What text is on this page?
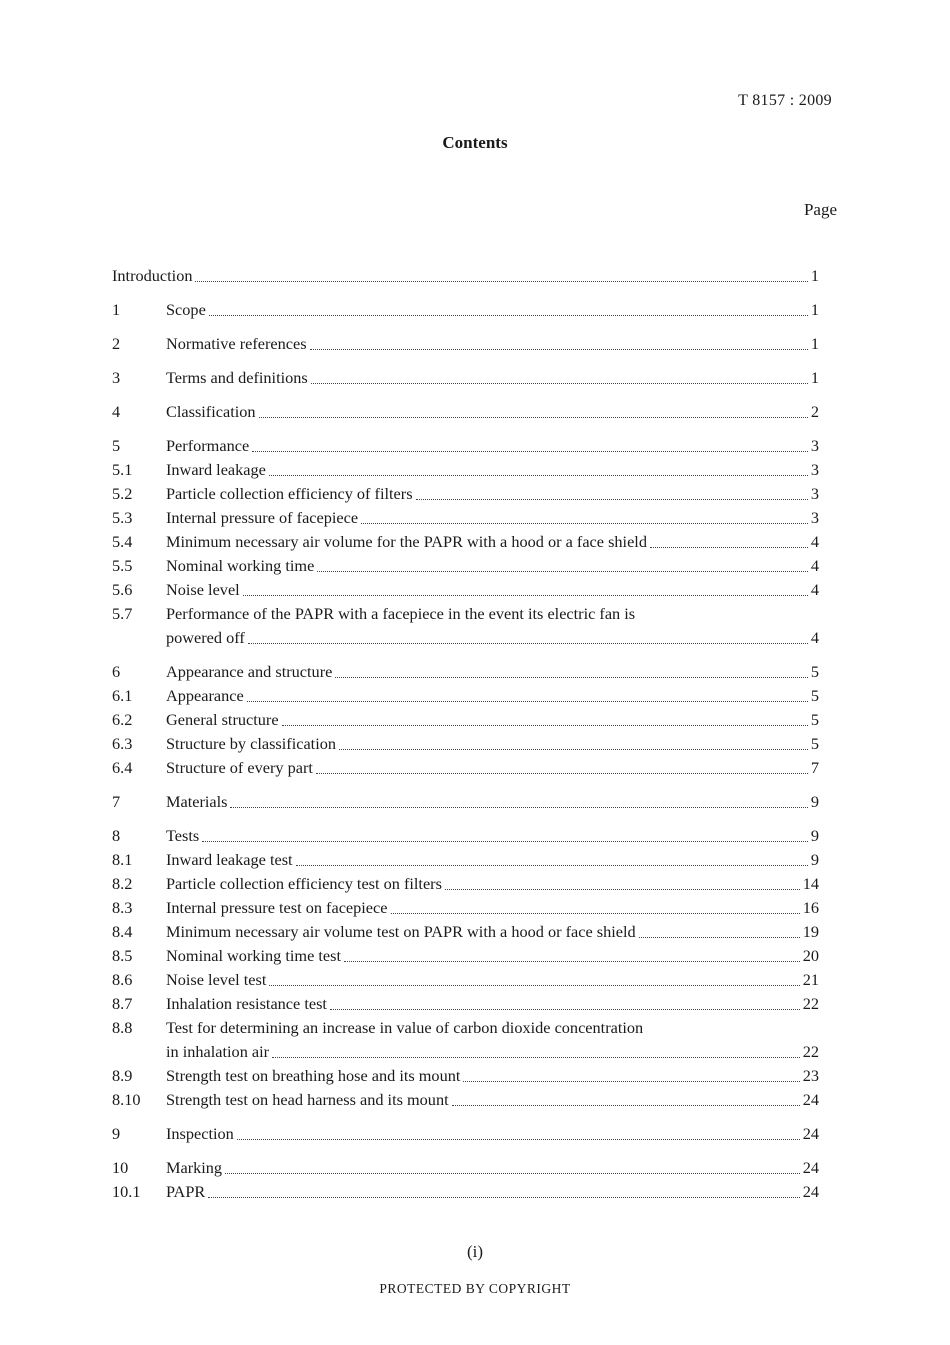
T 8157 : 2009
Contents
Page
Introduction	1
1	Scope	1
2	Normative references	1
3	Terms and definitions	1
4	Classification	2
5	Performance	3
5.1	Inward leakage	3
5.2	Particle collection efficiency of filters	3
5.3	Internal pressure of facepiece	3
5.4	Minimum necessary air volume for the PAPR with a hood or a face shield	4
5.5	Nominal working time	4
5.6	Noise level	4
5.7	Performance of the PAPR with a facepiece in the event its electric fan is
powered off	4
6	Appearance and structure	5
6.1	Appearance	5
6.2	General structure	5
6.3	Structure by classification	5
6.4	Structure of every part	7
7	Materials	9
8	Tests	9
8.1	Inward leakage test	9
8.2	Particle collection efficiency test on filters	14
8.3	Internal pressure test on facepiece	16
8.4	Minimum necessary air volume test on PAPR with a hood or face shield	19
8.5	Nominal working time test	20
8.6	Noise level test	21
8.7	Inhalation resistance test	22
8.8	Test for determining an increase in value of carbon dioxide concentration
in inhalation air	22
8.9	Strength test on breathing hose and its mount	23
8.10	Strength test on head harness and its mount	24
9	Inspection	24
10	Marking	24
10.1	PAPR	24
(i)
PROTECTED BY COPYRIGHT
